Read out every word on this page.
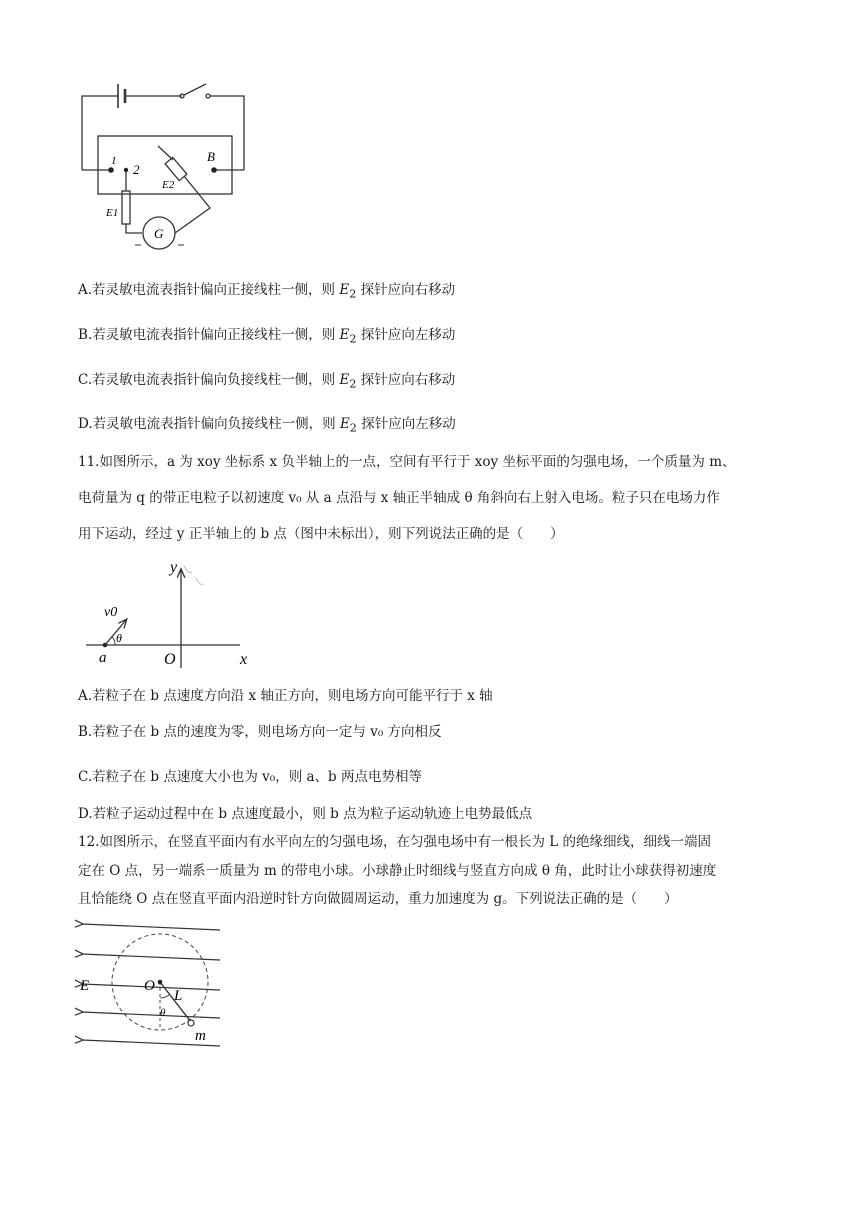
1
2
B
E2
E1
G
A.若灵敏电流表指针偏向正接线柱一侧，则 $E_2$ 探针应向右移动
B.若灵敏电流表指针偏向正接线柱一侧，则 $E_2$ 探针应向左移动
C.若灵敏电流表指针偏向负接线柱一侧，则 $E_2$ 探针应向右移动
D.若灵敏电流表指针偏向负接线柱一侧，则 $E_2$ 探针应向左移动
11.如图所示，a 为 xoy 坐标系 x 负半轴上的一点，空间有平行于 xoy 坐标平面的匀强电场，一个质量为 m、
电荷量为 q 的带正电粒子以初速度 v₀ 从 a 点沿与 x 轴正半轴成 θ 角斜向右上射入电场。粒子只在电场力作
用下运动，经过 y 正半轴上的 b 点（图中未标出），则下列说法正确的是（　　）
θ
v0
a	O	x
y
A.若粒子在 b 点速度方向沿 x 轴正方向，则电场方向可能平行于 x 轴
B.若粒子在 b 点的速度为零，则电场方向一定与 v₀ 方向相反
C.若粒子在 b 点速度大小也为 v₀，则 a、b 两点电势相等
D.若粒子运动过程中在 b 点速度最小，则 b 点为粒子运动轨迹上电势最低点
12.如图所示，在竖直平面内有水平向左的匀强电场，在匀强电场中有一根长为 L 的绝缘细线，细线一端固
定在 O 点，另一端系一质量为 m 的带电小球。小球静止时细线与竖直方向成 θ 角，此时让小球获得初速度
且恰能绕 O 点在竖直平面内沿逆时针方向做圆周运动，重力加速度为 g。下列说法正确的是（　　）
E	O
L
θ
m
